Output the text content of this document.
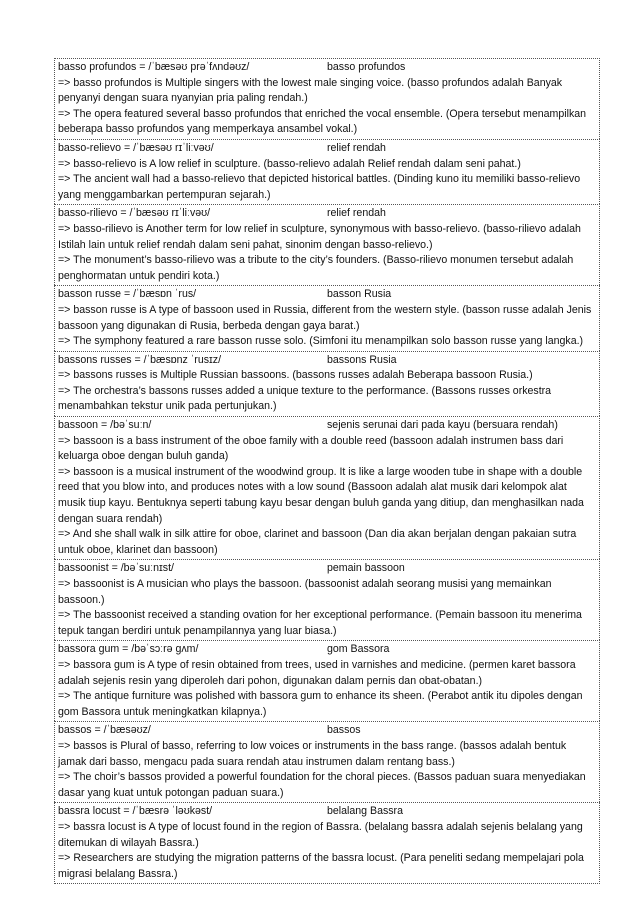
basso profundos = /ˈbæsəʊ prəˈfʌndəʊz/	basso profundos
=> basso profundos is Multiple singers with the lowest male singing voice. (basso profundos adalah Banyak penyanyi dengan suara nyanyian pria paling rendah.)
=> The opera featured several basso profundos that enriched the vocal ensemble. (Opera tersebut menampilkan beberapa basso profundos yang memperkaya ansambel vokal.)
basso-relievo = /ˈbæsəʊ rɪˈliːvəʊ/	relief rendah
=> basso-relievo is A low relief in sculpture. (basso-relievo adalah Relief rendah dalam seni pahat.)
=> The ancient wall had a basso-relievo that depicted historical battles. (Dinding kuno itu memiliki basso-relievo yang menggambarkan pertempuran sejarah.)
basso-rilievo = /ˈbæsəʊ rɪˈliːvəʊ/	relief rendah
=> basso-rilievo is Another term for low relief in sculpture, synonymous with basso-relievo. (basso-rilievo adalah Istilah lain untuk relief rendah dalam seni pahat, sinonim dengan basso-relievo.)
=> The monument’s basso-rilievo was a tribute to the city’s founders. (Basso-rilievo monumen tersebut adalah penghormatan untuk pendiri kota.)
basson russe = /ˈbæsɒn ˈrus/	basson Rusia
=> basson russe is A type of bassoon used in Russia, different from the western style. (basson russe adalah Jenis bassoon yang digunakan di Rusia, berbeda dengan gaya barat.)
=> The symphony featured a rare basson russe solo. (Simfoni itu menampilkan solo basson russe yang langka.)
bassons russes = /ˈbæsɒnz ˈrusɪz/	bassons Rusia
=> bassons russes is Multiple Russian bassoons. (bassons russes adalah Beberapa bassoon Rusia.)
=> The orchestra’s bassons russes added a unique texture to the performance. (Bassons russes orkestra menambahkan tekstur unik pada pertunjukan.)
bassoon = /bəˈsuːn/	sejenis serunai dari pada kayu (bersuara rendah)
=> bassoon is a bass instrument of the oboe family with a double reed (bassoon adalah instrumen bass dari keluarga oboe dengan buluh ganda)
=> bassoon is a musical instrument of the woodwind group. It is like a large wooden tube in shape with a double reed that you blow into, and produces notes with a low sound (Bassoon adalah alat musik dari kelompok alat musik tiup kayu. Bentuknya seperti tabung kayu besar dengan buluh ganda yang ditiup, dan menghasilkan nada dengan suara rendah)
=> And she shall walk in silk attire for oboe, clarinet and bassoon (Dan dia akan berjalan dengan pakaian sutra untuk oboe, klarinet dan bassoon)
bassoonist = /bəˈsuːnɪst/	pemain bassoon
=> bassoonist is A musician who plays the bassoon. (bassoonist adalah seorang musisi yang memainkan bassoon.)
=> The bassoonist received a standing ovation for her exceptional performance. (Pemain bassoon itu menerima tepuk tangan berdiri untuk penampilannya yang luar biasa.)
bassora gum = /bəˈsɔːrə ɡʌm/	gom Bassora
=> bassora gum is A type of resin obtained from trees, used in varnishes and medicine. (permen karet bassora adalah sejenis resin yang diperoleh dari pohon, digunakan dalam pernis dan obat-obatan.)
=> The antique furniture was polished with bassora gum to enhance its sheen. (Perabot antik itu dipoles dengan gom Bassora untuk meningkatkan kilapnya.)
bassos = /ˈbæsəʊz/	bassos
=> bassos is Plural of basso, referring to low voices or instruments in the bass range. (bassos adalah bentuk jamak dari basso, mengacu pada suara rendah atau instrumen dalam rentang bass.)
=> The choir’s bassos provided a powerful foundation for the choral pieces. (Bassos paduan suara menyediakan dasar yang kuat untuk potongan paduan suara.)
bassra locust = /ˈbæsrə ˈləʊkəst/	belalang Bassra
=> bassra locust is A type of locust found in the region of Bassra. (belalang bassra adalah sejenis belalang yang ditemukan di wilayah Bassra.)
=> Researchers are studying the migration patterns of the bassra locust. (Para peneliti sedang mempelajari pola migrasi belalang Bassra.)
